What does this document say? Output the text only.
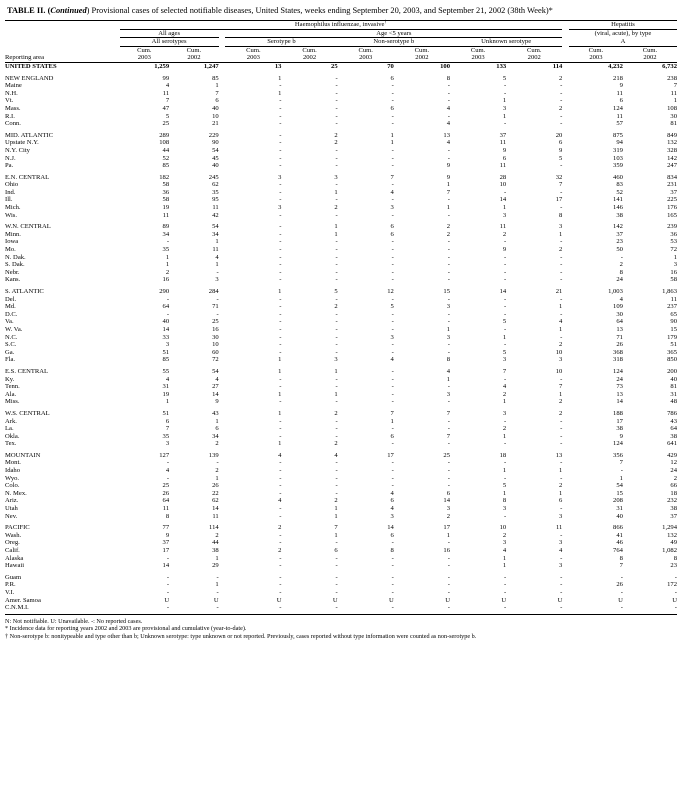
TABLE II. (Continued) Provisional cases of selected notifiable diseases, United States, weeks ending September 20, 2003, and September 21, 2002 (38th Week)*
	Haemophilus influenzae, invasive†										Hepatitis	
	All ages			Age <5 years							(viral, acute), by type	
	All serotypes			Serotype b		Non-serotype b		Unknown serotype			A	
	Cum.	Cum.		Cum.	Cum.	Cum.	Cum.	Cum.	Cum.		Cum.	Cum.
Reporting area	2003	2002		2003	2002	2003	2002	2003	2002		2003	2002
UNITED STATES	1,259	1,247		13	25	70	100	133	114		4,232	6,732
NEW ENGLAND	99	85		1	-	6	8	5	2		218	238
Maine	4	1		-	-	-	-	-	-		9	7
N.H.	11	7		1	-	-	-	-	-		11	11
Vt.	7	6		-	-	-	-	1	-		6	1
Mass.	47	40		-	-	6	4	3	2		124	108
R.I.	5	10		-	-	-	-	1	-		11	30
Conn.	25	21		-	-	-	4	-	-		57	81
MID. ATLANTIC	289	229		-	2	1	13	37	20		875	849
Upstate N.Y.	108	90		-	2	1	4	11	6		94	132
N.Y. City	44	54		-	-	-	-	9	9		319	328
N.J.	52	45		-	-	-	-	6	5		103	142
Pa.	85	40		-	-	-	9	11	-		359	247
E.N. CENTRAL	182	245		3	3	7	9	28	32		460	834
Ohio	58	62		-	-	-	1	10	7		83	231
Ind.	36	35		-	1	4	7	-	-		52	37
Ill.	58	95		-	-	-	-	14	17		141	225
Mich.	19	11		3	2	3	1	1	-		146	176
Wis.	11	42		-	-	-	-	3	8		38	165
W.N. CENTRAL	89	54		-	1	6	2	11	3		142	239
Minn.	34	34		-	1	6	2	2	1		37	36
Iowa	-	1		-	-	-	-	-	-		23	53
Mo.	35	11		-	-	-	-	9	2		50	72
N. Dak.	1	4		-	-	-	-	-	-		-	1
S. Dak.	1	1		-	-	-	-	-	-		2	3
Nebr.	2	-		-	-	-	-	-	-		8	16
Kans.	16	3		-	-	-	-	-	-		24	58
S. ATLANTIC	290	284		1	5	12	15	14	21		1,003	1,863
Del.	-	-		-	-	-	-	-	-		4	11
Md.	64	71		-	2	5	3	-	1		109	237
D.C.	-	-		-	-	-	-	-	-		30	65
Va.	40	25		-	-	-	-	5	4		64	90
W. Va.	14	16		-	-	-	1	-	1		13	15
N.C.	33	30		-	-	3	3	1	-		71	179
S.C.	3	10		-	-	-	-	-	2		26	51
Ga.	51	60		-	-	-	-	5	10		368	365
Fla.	85	72		1	3	4	8	3	3		318	850
E.S. CENTRAL	55	54		1	1	-	4	7	10		124	200
Ky.	4	4		-	-	-	1	-	-		24	40
Tenn.	31	27		-	-	-	-	4	7		73	81
Ala.	19	14		1	1	-	3	2	1		13	31
Miss.	1	9		-	-	-	-	1	2		14	48
W.S. CENTRAL	51	43		1	2	7	7	3	2		188	786
Ark.	6	1		-	-	1	-	-	-		17	43
La.	7	6		-	-	-	-	2	-		38	64
Okla.	35	34		-	-	6	7	1	-		9	38
Tex.	3	2		1	2	-	-	-	-		124	641
MOUNTAIN	127	139		4	4	17	25	18	13		356	429
Mont.	-	-		-	-	-	-	-	-		7	12
Idaho	4	2		-	-	-	-	1	1		-	24
Wyo.	-	1		-	-	-	-	-	-		1	2
Colo.	25	26		-	-	-	-	5	2		54	66
N. Mex.	26	22		-	-	4	6	1	1		15	18
Ariz.	64	62		4	2	6	14	8	6		208	232
Utah	11	14		-	1	4	3	3	-		31	38
Nev.	8	11		-	1	3	2	-	3		40	37
PACIFIC	77	114		2	7	14	17	10	11		866	1,294
Wash.	9	2		-	1	6	1	2	-		41	132
Oreg.	37	44		-	-	-	-	3	3		46	49
Calif.	17	38		2	6	8	16	4	4		764	1,082
Alaska	-	1		-	-	-	-	1	-		8	8
Hawaii	14	29		-	-	-	-	1	3		7	23
Guam	-	-		-	-	-	-	-	-		-	-
P.R.	-	1		-	-	-	-	-	-		26	172
V.I.	-	-		-	-	-	-	-	-		-	-
Amer. Samoa	U	U		U	U	U	U	U	U		U	U
C.N.M.I.	-	-		-	-	-	-	-	-		-	-
N: Not notifiable. U: Unavailable. -: No reported cases.
* Incidence data for reporting years 2002 and 2003 are provisional and cumulative (year-to-date).
† Non-serotype b: nonitypeable and type other than b; Unknown serotype: type unknown or not reported. Previously, cases reported without type information were counted as non-serotype b.
